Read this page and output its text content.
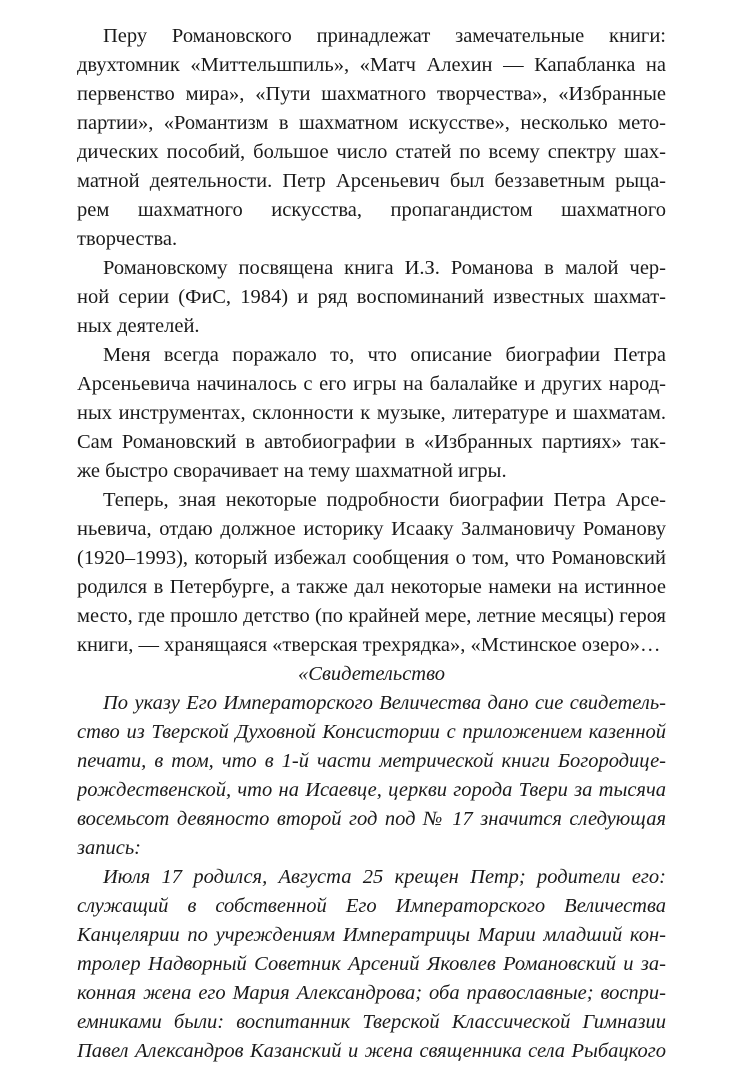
Перу Романовского принадлежат замечательные книги:
двухтомник «Миттельшпиль», «Матч Алехин — Капабланка на
первенство мира», «Пути шахматного творчества», «Избранные
партии», «Романтизм в шахматном искусстве», несколько мето-
дических пособий, большое число статей по всему спектру шах-
матной деятельности. Петр Арсеньевич был беззаветным рыца-
рем шахматного искусства, пропагандистом шахматного
творчества.
Романовскому посвящена книга И.З. Романова в малой чер-
ной серии (ФиС, 1984) и ряд воспоминаний известных шахмат-
ных деятелей.
Меня всегда поражало то, что описание биографии Петра
Арсеньевича начиналось с его игры на балалайке и других народ-
ных инструментах, склонности к музыке, литературе и шахматам.
Сам Романовский в автобиографии в «Избранных партиях» так-
же быстро сворачивает на тему шахматной игры.
Теперь, зная некоторые подробности биографии Петра Арсе-
ньевича, отдаю должное историку Исааку Залмановичу Романову
(1920–1993), который избежал сообщения о том, что Романовский
родился в Петербурге, а также дал некоторые намеки на истинное
место, где прошло детство (по крайней мере, летние месяцы) героя
книги, — хранящаяся «тверская трехрядка», «Мстинское озеро»…
«Свидетельство
По указу Его Императорского Величества дано сие свидетель-
ство из Тверской Духовной Консистории с приложением казенной
печати, в том, что в 1-й части метрической книги Богородице-
рождественской, что на Исаевце, церкви города Твери за тысяча
восемьсот девяносто второй год под № 17 значится следующая
запись:
Июля 17 родился, Августа 25 крещен Петр; родители его:
служащий в собственной Его Императорского Величества
Канцелярии по учреждениям Императрицы Марии младший кон-
тролер Надворный Советник Арсений Яковлев Романовский и за-
конная жена его Мария Александрова; оба православные; воспри-
емниками были: воспитанник Тверской Классической Гимназии
Павел Александров Казанский и жена священника села Рыбацкого
